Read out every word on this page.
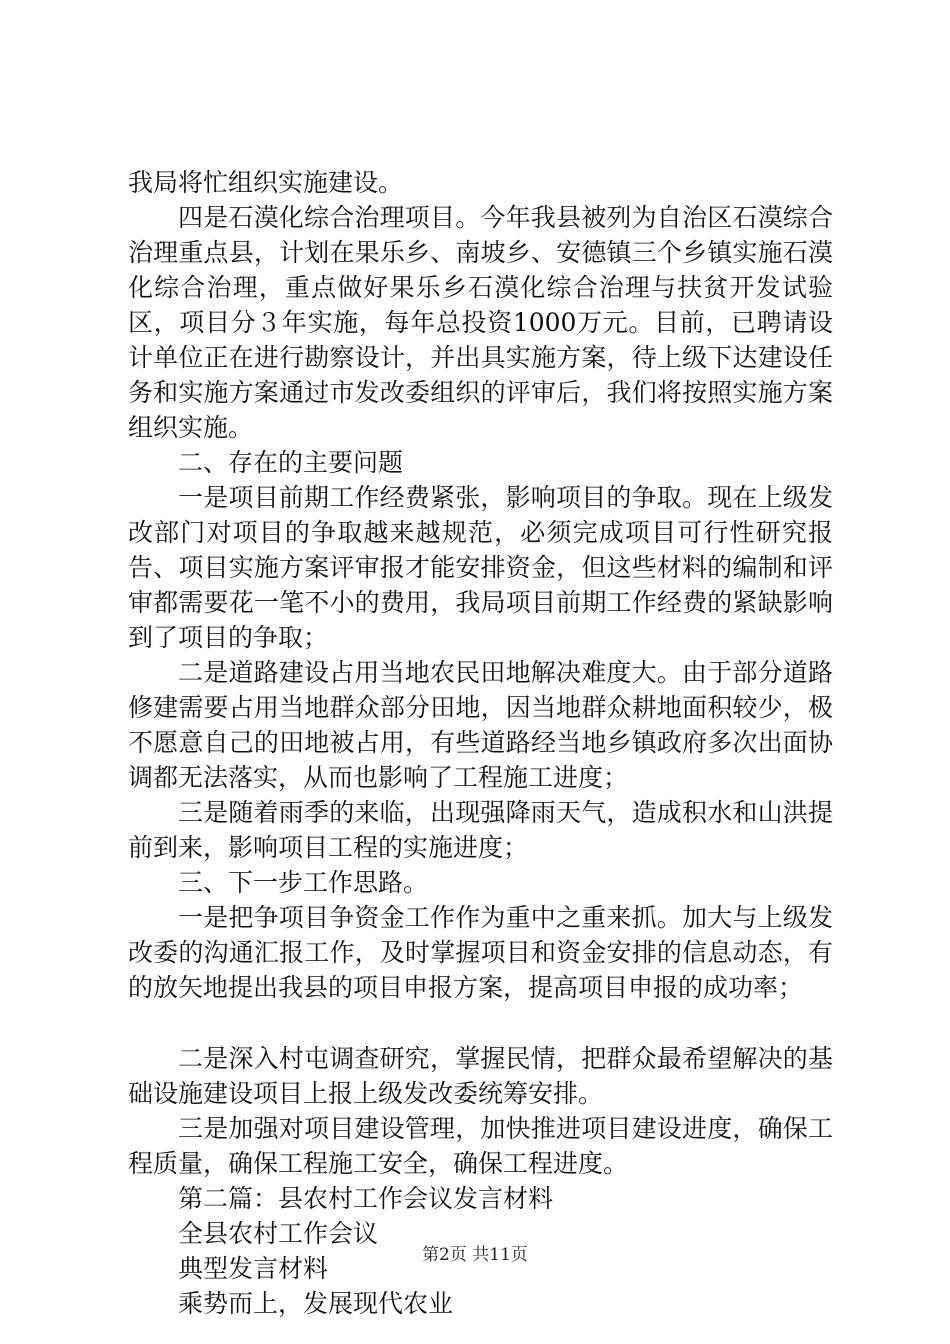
我局将忙组织实施建设。

四是石漠化综合治理项目。今年我县被列为自治区石漠综合治理重点县，计划在果乐乡、南坡乡、安德镇三个乡镇实施石漠化综合治理，重点做好果乐乡石漠化综合治理与扶贫开发试验区，项目分３年实施，每年总投资1000万元。目前，已聘请设计单位正在进行勘察设计，并出具实施方案，待上级下达建设任务和实施方案通过市发改委组织的评审后，我们将按照实施方案组织实施。

二、存在的主要问题

一是项目前期工作经费紧张，影响项目的争取。现在上级发改部门对项目的争取越来越规范，必须完成项目可行性研究报告、项目实施方案评审报才能安排资金，但这些材料的编制和评审都需要花一笔不小的费用，我局项目前期工作经费的紧缺影响到了项目的争取；

二是道路建设占用当地农民田地解决难度大。由于部分道路修建需要占用当地群众部分田地，因当地群众耕地面积较少，极不愿意自己的田地被占用，有些道路经当地乡镇政府多次出面协调都无法落实，从而也影响了工程施工进度；

三是随着雨季的来临，出现强降雨天气，造成积水和山洪提前到来，影响项目工程的实施进度；

三、下一步工作思路。

一是把争项目争资金工作作为重中之重来抓。加大与上级发改委的沟通汇报工作，及时掌握项目和资金安排的信息动态，有的放矢地提出我县的项目申报方案，提高项目申报的成功率；

二是深入村屯调查研究，掌握民情，把群众最希望解决的基础设施建设项目上报上级发改委统筹安排。

三是加强对项目建设管理，加快推进项目建设进度，确保工程质量，确保工程施工安全，确保工程进度。

第二篇：县农村工作会议发言材料

全县农村工作会议

典型发言材料

乘势而上，发展现代农业

第2页 共11页
